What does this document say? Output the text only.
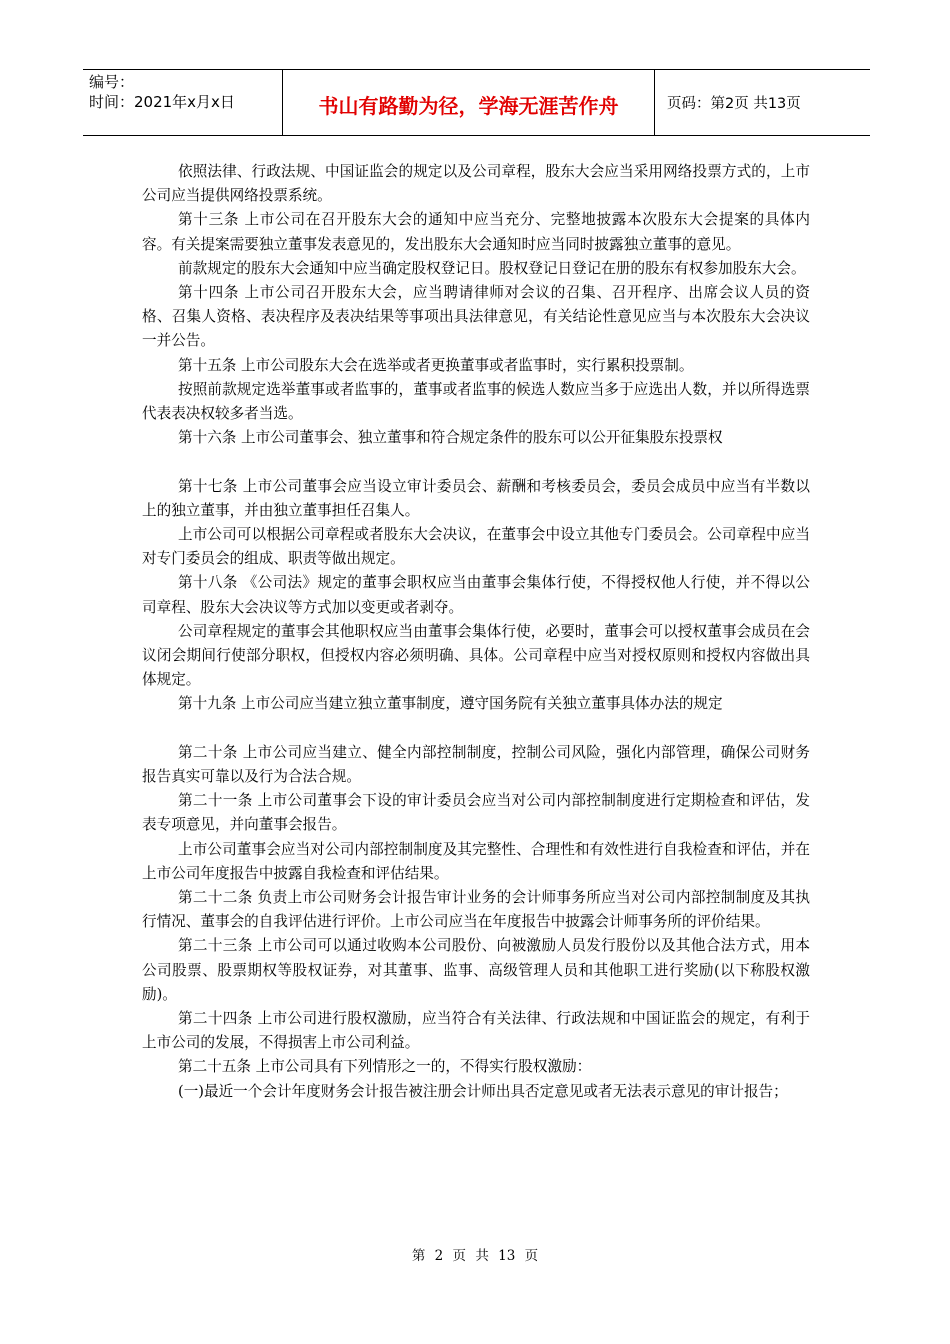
编号：
时间：2021年x月x日	书山有路勤为径，学海无涯苦作舟	页码：第2页 共13页

依照法律、行政法规、中国证监会的规定以及公司章程，股东大会应当采用网络投票方式的，上市公司应当提供网络投票系统。

第十三条 上市公司在召开股东大会的通知中应当充分、完整地披露本次股东大会提案的具体内容。有关提案需要独立董事发表意见的，发出股东大会通知时应当同时披露独立董事的意见。

前款规定的股东大会通知中应当确定股权登记日。股权登记日登记在册的股东有权参加股东大会。

第十四条 上市公司召开股东大会，应当聘请律师对会议的召集、召开程序、出席会议人员的资格、召集人资格、表决程序及表决结果等事项出具法律意见，有关结论性意见应当与本次股东大会决议一并公告。

第十五条 上市公司股东大会在选举或者更换董事或者监事时，实行累积投票制。

按照前款规定选举董事或者监事的，董事或者监事的候选人数应当多于应选出人数，并以所得选票代表表决权较多者当选。

第十六条 上市公司董事会、独立董事和符合规定条件的股东可以公开征集股东投票权

第十七条 上市公司董事会应当设立审计委员会、薪酬和考核委员会，委员会成员中应当有半数以上的独立董事，并由独立董事担任召集人。

上市公司可以根据公司章程或者股东大会决议，在董事会中设立其他专门委员会。公司章程中应当对专门委员会的组成、职责等做出规定。

第十八条 《公司法》规定的董事会职权应当由董事会集体行使，不得授权他人行使，并不得以公司章程、股东大会决议等方式加以变更或者剥夺。

公司章程规定的董事会其他职权应当由董事会集体行使，必要时，董事会可以授权董事会成员在会议闭会期间行使部分职权，但授权内容必须明确、具体。公司章程中应当对授权原则和授权内容做出具体规定。

第十九条 上市公司应当建立独立董事制度，遵守国务院有关独立董事具体办法的规定

第二十条 上市公司应当建立、健全内部控制制度，控制公司风险，强化内部管理，确保公司财务报告真实可靠以及行为合法合规。

第二十一条 上市公司董事会下设的审计委员会应当对公司内部控制制度进行定期检查和评估，发表专项意见，并向董事会报告。

上市公司董事会应当对公司内部控制制度及其完整性、合理性和有效性进行自我检查和评估，并在上市公司年度报告中披露自我检查和评估结果。

第二十二条 负责上市公司财务会计报告审计业务的会计师事务所应当对公司内部控制制度及其执行情况、董事会的自我评估进行评价。上市公司应当在年度报告中披露会计师事务所的评价结果。

第二十三条 上市公司可以通过收购本公司股份、向被激励人员发行股份以及其他合法方式，用本公司股票、股票期权等股权证券，对其董事、监事、高级管理人员和其他职工进行奖励(以下称股权激励)。

第二十四条 上市公司进行股权激励，应当符合有关法律、行政法规和中国证监会的规定，有利于上市公司的发展，不得损害上市公司利益。

第二十五条 上市公司具有下列情形之一的，不得实行股权激励：

(一)最近一个会计年度财务会计报告被注册会计师出具否定意见或者无法表示意见的审计报告；

第 2 页 共 13 页
